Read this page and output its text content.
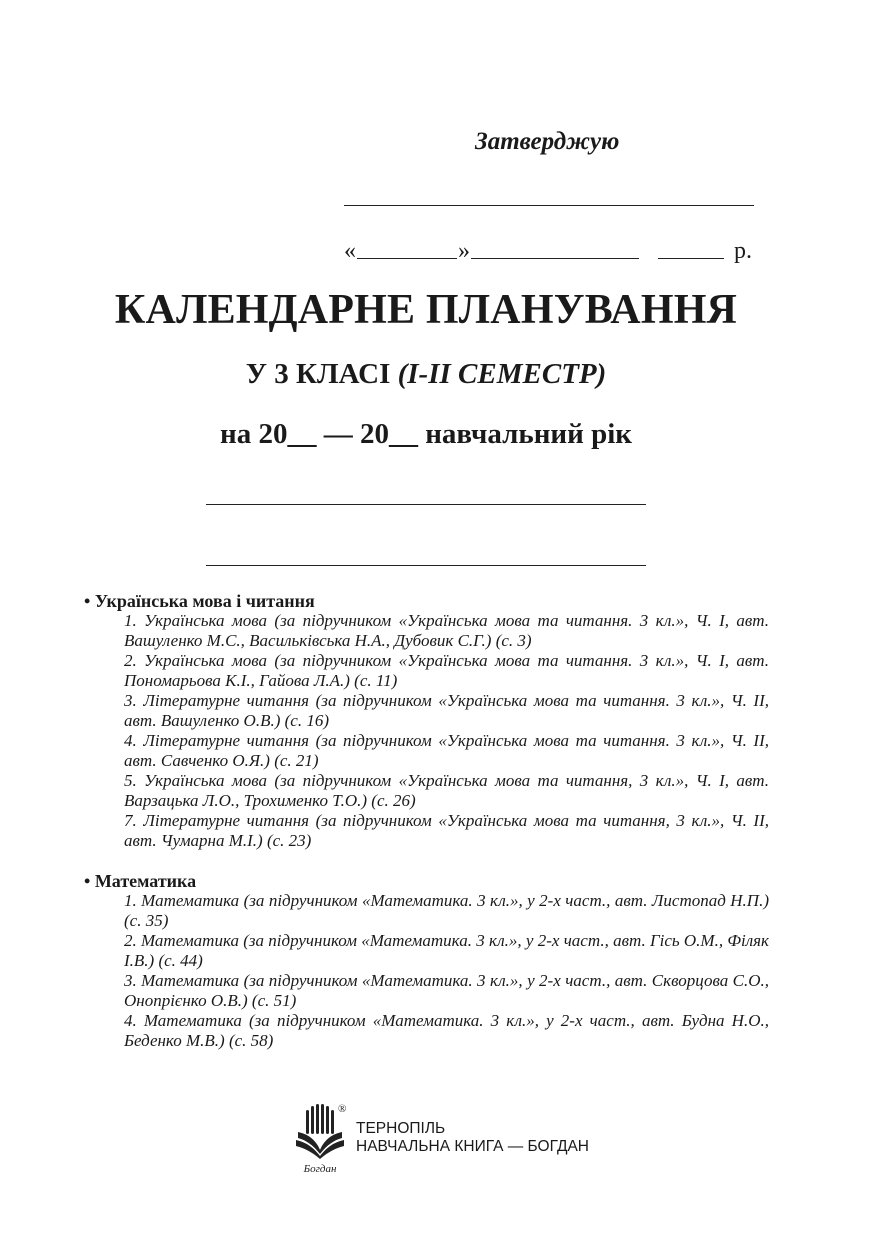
Затверджую
«	»	р.
КАЛЕНДАРНЕ ПЛАНУВАННЯ
У 3 КЛАСІ (І-ІІ СЕМЕСТР)
на 20__ — 20__ навчальний рік
• Українська мова і читання
1. Українська мова (за підручником «Українська мова та читання. 3 кл.», Ч. І, авт. Вашуленко М.С., Васильківська Н.А., Дубовик С.Г.) (с. 3)
2. Українська мова (за підручником «Українська мова та читання. 3 кл.», Ч. І, авт. Пономарьова К.І., Гайова Л.А.) (с. 11)
3. Літературне читання (за підручником «Українська мова та читання. 3 кл.», Ч. ІІ, авт. Вашуленко О.В.) (с. 16)
4. Літературне читання (за підручником «Українська мова та читання. 3 кл.», Ч. ІІ, авт. Савченко О.Я.) (с. 21)
5. Українська мова (за підручником «Українська мова та читання, 3 кл.», Ч. І, авт. Варзацька Л.О., Трохименко Т.О.) (с. 26)
7. Літературне читання (за підручником «Українська мова та читання, 3 кл.», Ч. ІІ, авт. Чумарна М.І.) (с. 23)
• Математика
1. Математика (за підручником «Математика. 3 кл.», у 2-х част., авт. Листопад Н.П.) (с. 35)
2. Математика (за підручником «Математика. 3 кл.», у 2-х част., авт. Гісь О.М., Філяк І.В.) (с. 44)
3. Математика (за підручником «Математика. 3 кл.», у 2-х част., авт. Скворцова С.О., Онопрієнко О.В.) (с. 51)
4. Математика (за підручником «Математика. 3 кл.», у 2-х част., авт. Будна Н.О., Беденко М.В.) (с. 58)
Богдан
®
ТЕРНОПІЛЬ
НАВЧАЛЬНА КНИГА — БОГДАН
